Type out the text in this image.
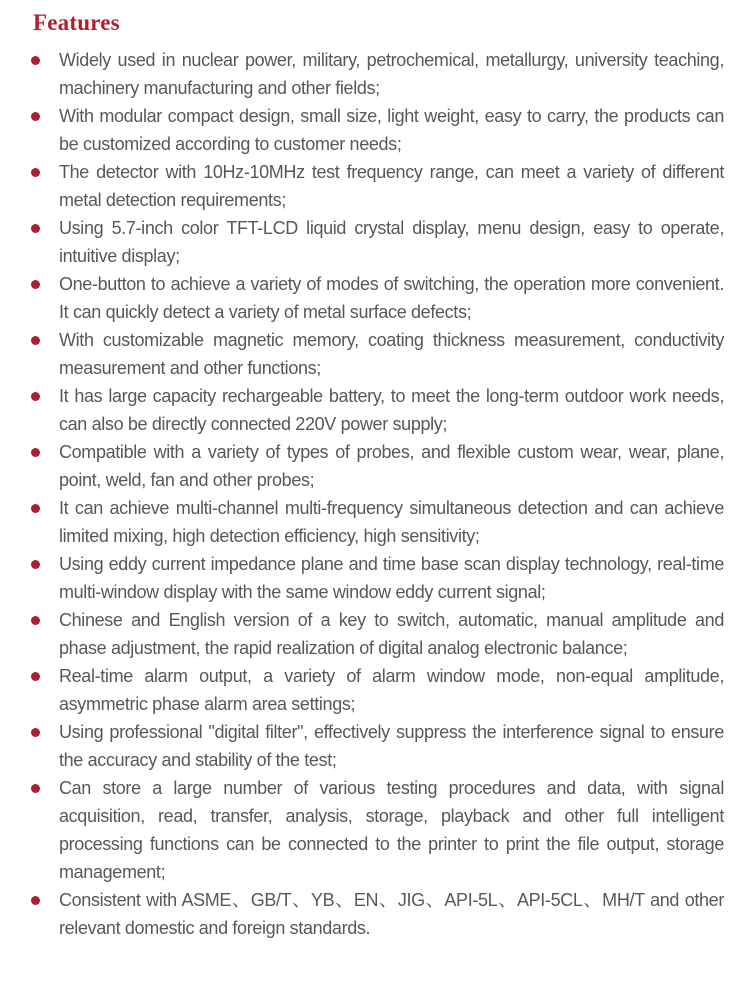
Features
Widely used in nuclear power, military, petrochemical, metallurgy, university teaching, machinery manufacturing and other fields;
With modular compact design, small size, light weight, easy to carry, the products can be customized according to customer needs;
The detector with 10Hz-10MHz test frequency range, can meet a variety of different metal detection requirements;
Using 5.7-inch color TFT-LCD liquid crystal display, menu design, easy to operate, intuitive display;
One-button to achieve a variety of modes of switching, the operation more convenient. It can quickly detect a variety of metal surface defects;
With customizable magnetic memory, coating thickness measurement, conductivity measurement and other functions;
It has large capacity rechargeable battery, to meet the long-term outdoor work needs, can also be directly connected 220V power supply;
Compatible with a variety of types of probes, and flexible custom wear, wear, plane, point, weld, fan and other probes;
It can achieve multi-channel multi-frequency simultaneous detection and can achieve limited mixing, high detection efficiency, high sensitivity;
Using eddy current impedance plane and time base scan display technology, real-time multi-window display with the same window eddy current signal;
Chinese and English version of a key to switch, automatic, manual amplitude and phase adjustment, the rapid realization of digital analog electronic balance;
Real-time alarm output, a variety of alarm window mode, non-equal amplitude, asymmetric phase alarm area settings;
Using professional "digital filter", effectively suppress the interference signal to ensure the accuracy and stability of the test;
Can store a large number of various testing procedures and data, with signal acquisition, read, transfer, analysis, storage, playback and other full intelligent processing functions can be connected to the printer to print the file output, storage management;
Consistent with ASME、GB/T、YB、EN、JIG、API-5L、API-5CL、MH/T and other relevant domestic and foreign standards.
